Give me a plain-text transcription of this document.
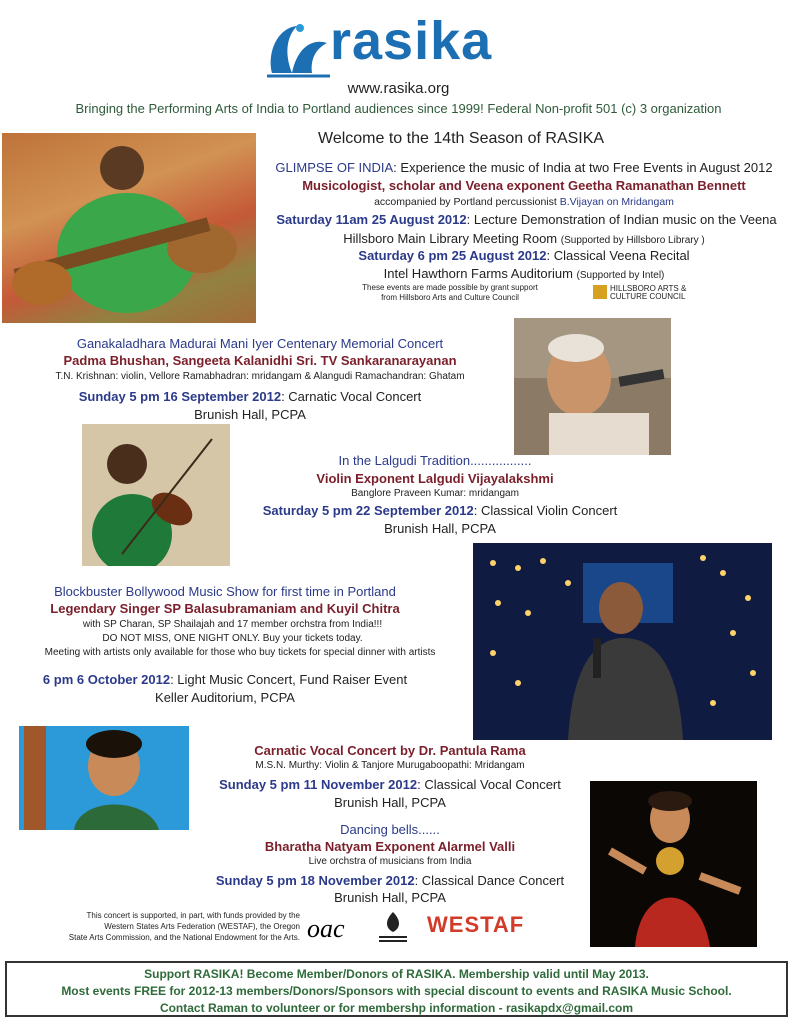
rasika
www.rasika.org
Bringing the Performing Arts of India to Portland audiences since 1999! Federal Non-profit 501 (c) 3 organization
Welcome to the 14th Season of RASIKA
GLIMPSE OF INDIA: Experience the music of India at two Free Events in August 2012
Musicologist, scholar and Veena exponent Geetha Ramanathan Bennett
accompanied by Portland percussionist B.Vijayan on Mridangam
Saturday 11am 25 August 2012: Lecture Demonstration of Indian music on the Veena
Hillsboro Main Library Meeting Room (Supported by Hillsboro Library )
Saturday 6 pm 25 August 2012: Classical Veena Recital
Intel Hawthorn Farms Auditorium (Supported by Intel)
These events are made possible by grant support
from Hillsboro Arts and Culture Council
HILLSBORO ARTS &
CULTURE COUNCIL
Ganakaladhara Madurai Mani Iyer Centenary Memorial Concert
Padma Bhushan, Sangeeta Kalanidhi Sri. TV Sankaranarayanan
T.N. Krishnan: violin, Vellore Ramabhadran: mridangam & Alangudi Ramachandran: Ghatam
Sunday 5 pm 16 September 2012: Carnatic Vocal Concert
Brunish Hall, PCPA
In the Lalgudi Tradition.................
Violin Exponent Lalgudi Vijayalakshmi
Banglore Praveen Kumar: mridangam
Saturday 5 pm 22 September 2012: Classical Violin Concert
Brunish Hall, PCPA
Blockbuster Bollywood Music Show for first time in Portland
Legendary Singer SP Balasubramaniam and Kuyil Chitra
with SP Charan, SP Shailajah and 17 member orchstra from India!!!
DO NOT MISS, ONE NIGHT ONLY. Buy your tickets today.
Meeting with artists only available for those who buy tickets for special dinner with artists
6 pm 6 October 2012: Light Music Concert, Fund Raiser Event
Keller Auditorium, PCPA
Carnatic Vocal Concert by Dr. Pantula Rama
M.S.N. Murthy: Violin & Tanjore Murugaboopathi: Mridangam
Sunday 5 pm 11 November 2012: Classical Vocal Concert
Brunish Hall, PCPA
Dancing bells......
Bharatha Natyam Exponent Alarmel Valli
Live orchstra of musicians from India
Sunday 5 pm 18 November 2012: Classical Dance Concert
Brunish Hall, PCPA
This concert is supported, in part, with funds provided by the
Western States Arts Federation (WESTAF), the Oregon
State Arts Commission, and the National Endowment for the Arts. oac	WESTAF
Support RASIKA! Become Member/Donors of RASIKA. Membership valid until May 2013.
Most events FREE for 2012-13 members/Donors/Sponsors with special discount to events and RASIKA Music School.
Contact Raman to volunteer or for membershp information - rasikapdx@gmail.com
